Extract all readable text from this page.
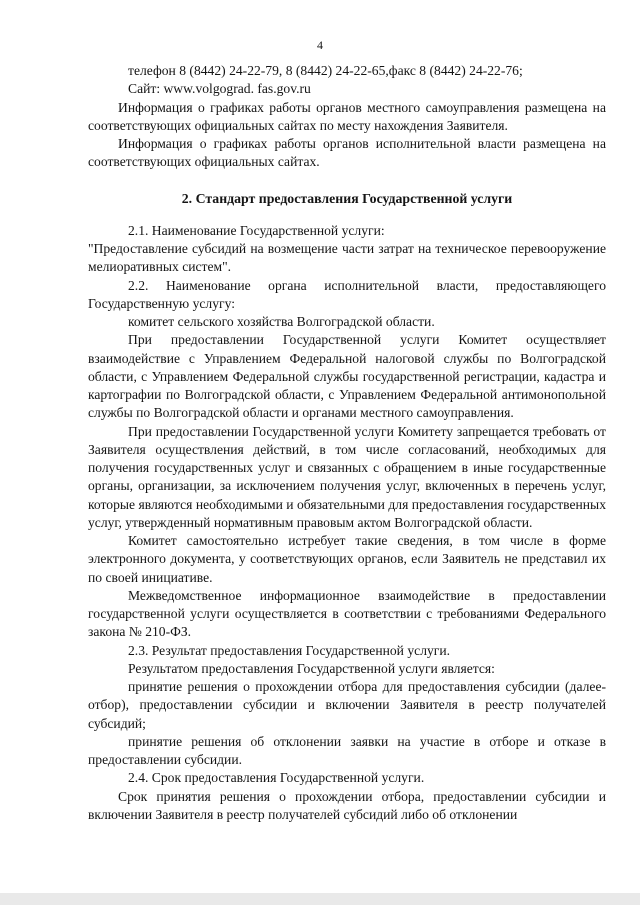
4

телефон 8 (8442) 24-22-79, 8 (8442) 24-22-65,факс 8 (8442) 24-22-76;

Сайт: www.volgograd. fas.gov.ru

Информация о графиках работы органов местного самоуправления размещена на соответствующих официальных сайтах по месту нахождения Заявителя.

Информация о графиках работы органов исполнительной власти размещена на соответствующих официальных сайтах.

2. Стандарт предоставления Государственной услуги

2.1. Наименование Государственной услуги:

"Предоставление субсидий на возмещение части затрат на техническое перевооружение мелиоративных систем".

2.2. Наименование органа исполнительной власти, предоставляющего Государственную услугу:

комитет сельского хозяйства Волгоградской области.

При предоставлении Государственной услуги Комитет осуществляет взаимодействие с Управлением Федеральной налоговой службы по Волгоградской области, с Управлением Федеральной службы государственной регистрации, кадастра и картографии по Волгоградской области, с Управлением Федеральной антимонопольной службы по Волгоградской области и органами местного самоуправления.

При предоставлении Государственной услуги Комитету запрещается требовать от Заявителя осуществления действий, в том числе согласований, необходимых для получения государственных услуг и связанных с обращением в иные государственные органы, организации, за исключением получения услуг, включенных в перечень услуг, которые являются необходимыми и обязательными для предоставления государственных услуг, утвержденный нормативным правовым актом Волгоградской области.

Комитет самостоятельно истребует такие сведения, в том числе в форме электронного документа, у соответствующих органов, если Заявитель не представил их по своей инициативе.

Межведомственное информационное взаимодействие в предоставлении государственной услуги осуществляется в соответствии с требованиями Федерального закона № 210-ФЗ.

2.3. Результат предоставления Государственной услуги.

Результатом предоставления Государственной услуги является:

принятие решения о прохождении отбора для предоставления субсидии (далее-отбор), предоставлении субсидии и включении Заявителя в реестр получателей субсидий;

принятие решения об отклонении заявки на участие в отборе и отказе в предоставлении субсидии.

2.4. Срок предоставления Государственной услуги.

Срок принятия решения о прохождении отбора, предоставлении субсидии и включении Заявителя в реестр получателей субсидий либо об отклонении
